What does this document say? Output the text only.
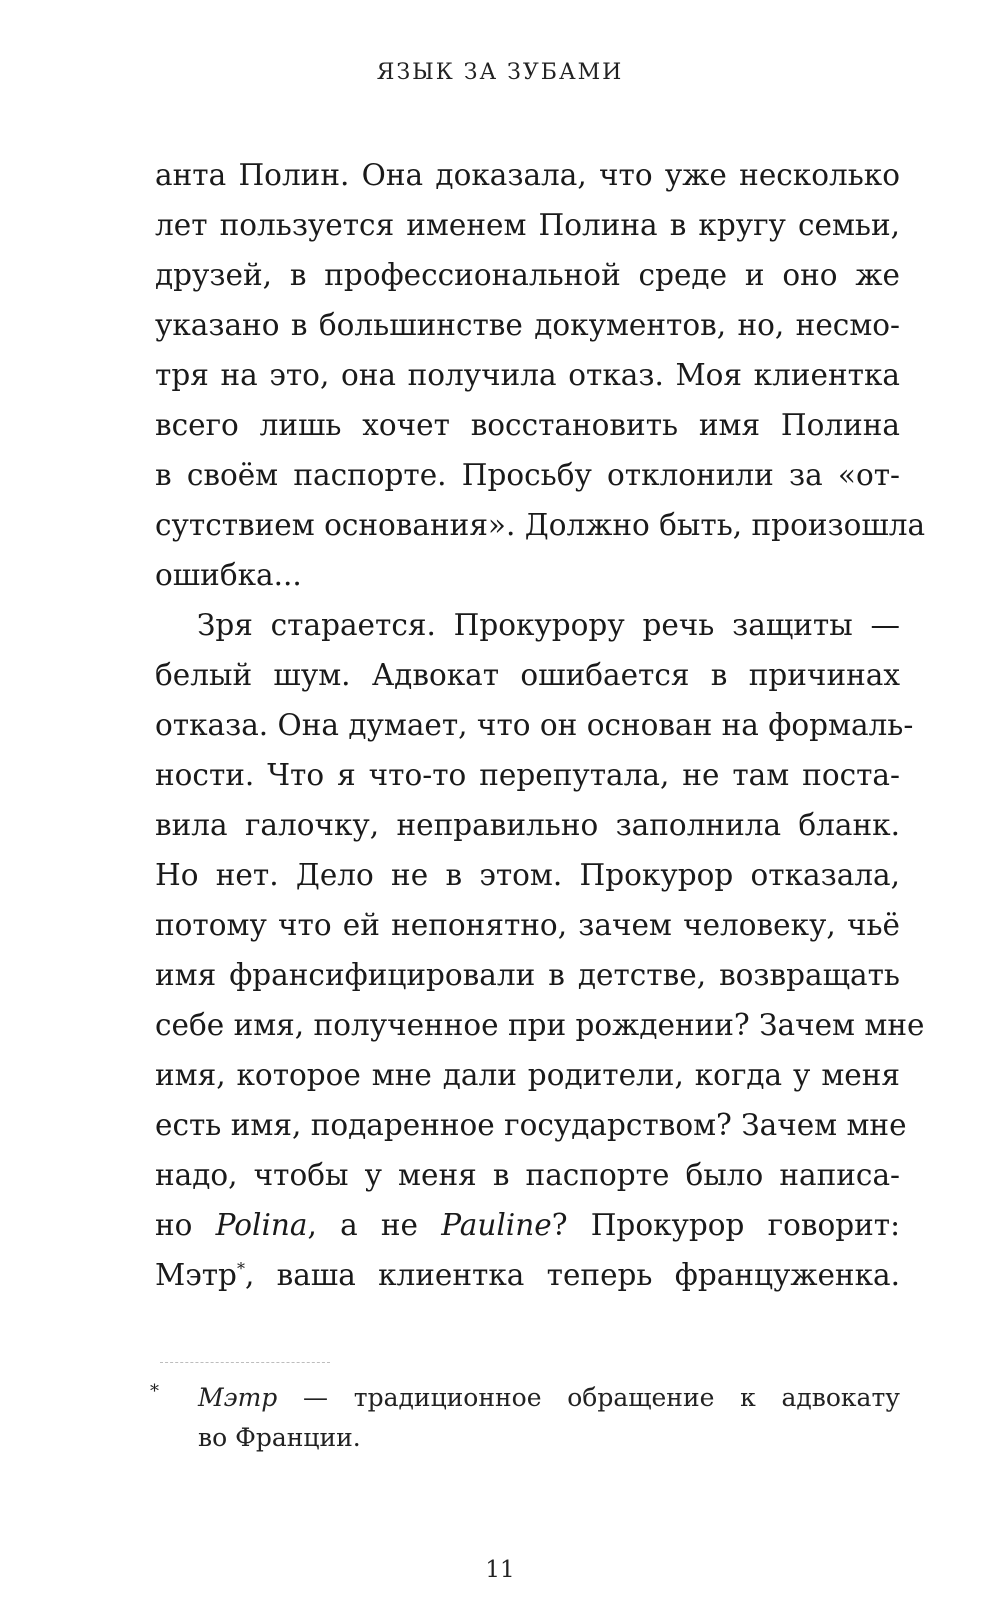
ЯЗЫК ЗА ЗУБАМИ
анта Полин. Она доказала, что уже несколько
лет пользуется именем Полина в кругу семьи,
друзей, в профессиональной среде и оно же
указано в большинстве документов, но, несмо-
тря на это, она получила отказ. Моя клиентка
всего лишь хочет восстановить имя Полина
в своём паспорте. Просьбу отклонили за «от-
сутствием основания». Должно быть, произошла
ошибка...
Зря старается. Прокурору речь защиты —
белый шум. Адвокат ошибается в причинах
отказа. Она думает, что он основан на формаль-
ности. Что я что-то перепутала, не там поста-
вила галочку, неправильно заполнила бланк.
Но нет. Дело не в этом. Прокурор отказала,
потому что ей непонятно, зачем человеку, чьё
имя франсифицировали в детстве, возвращать
себе имя, полученное при рождении? Зачем мне
имя, которое мне дали родители, когда у меня
есть имя, подаренное государством? Зачем мне
надо, чтобы у меня в паспорте было написа-
но Polina, а не Pauline? Прокурор говорит:
Мэтр*, ваша клиентка теперь француженка.
*	Мэтр — традиционное обращение к адвокату
во Франции.
11
